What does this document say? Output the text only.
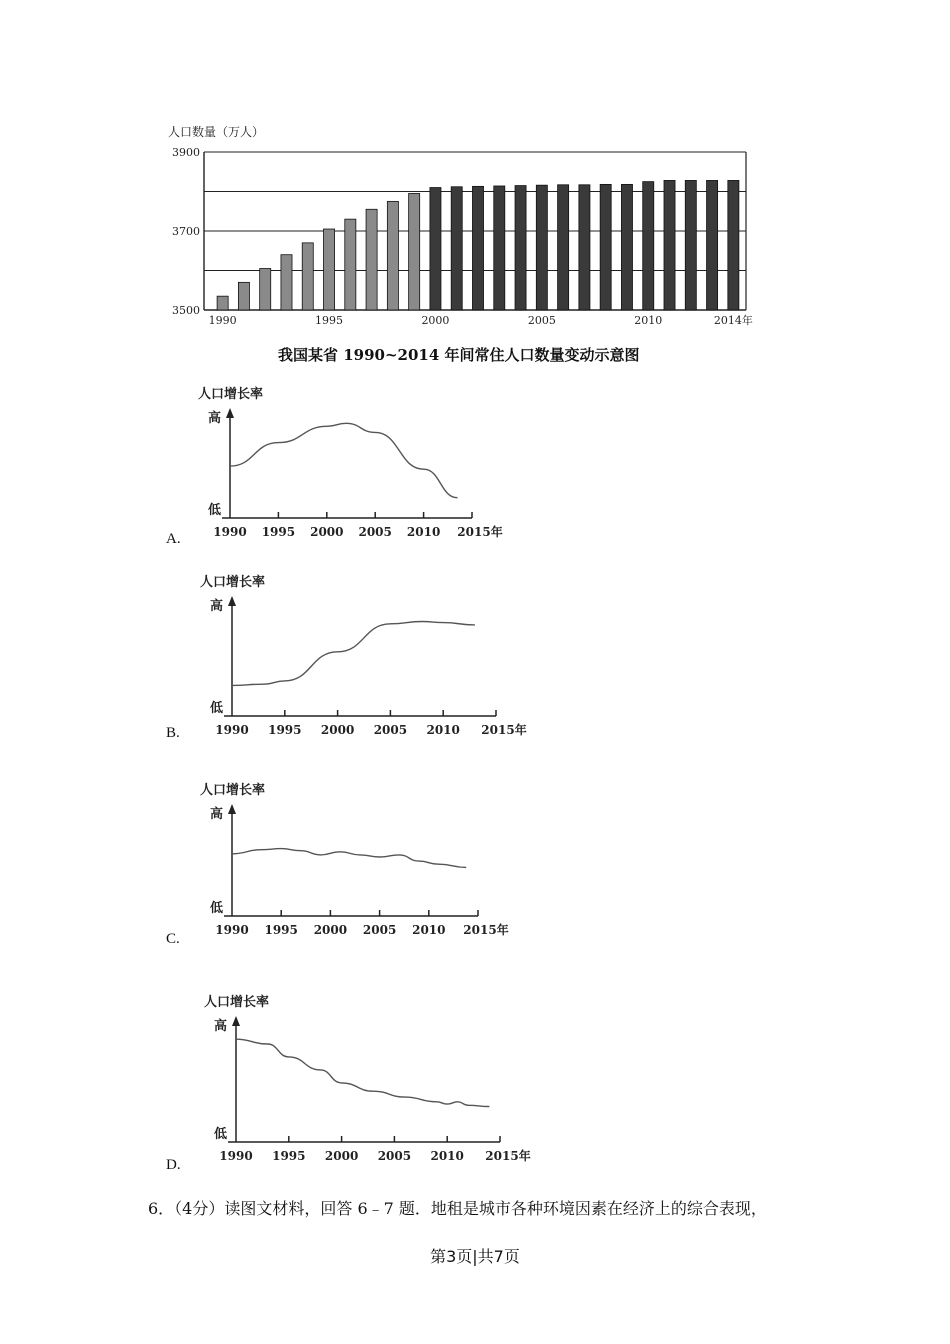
人口数量（万人）
3900
3700
3500
1990	1995	2000	2005	2010	2014年
我国某省 1990~2014 年间常住人口数量变动示意图
人口增长率
高
低
1990 1995 2000 2005 2010 2015年
A.
人口增长率
高
低
1990 1995 2000 2005 2010 2015年
B.
人口增长率
高
低
1990 1995 2000 2005 2010 2015年
C.
人口增长率
高
低
1990 1995 2000 2005 2010 2015年
D.
6．（4分）读图文材料，回答 6﹣7 题．地租是城市各种环境因素在经济上的综合表现，
第3页|共7页
